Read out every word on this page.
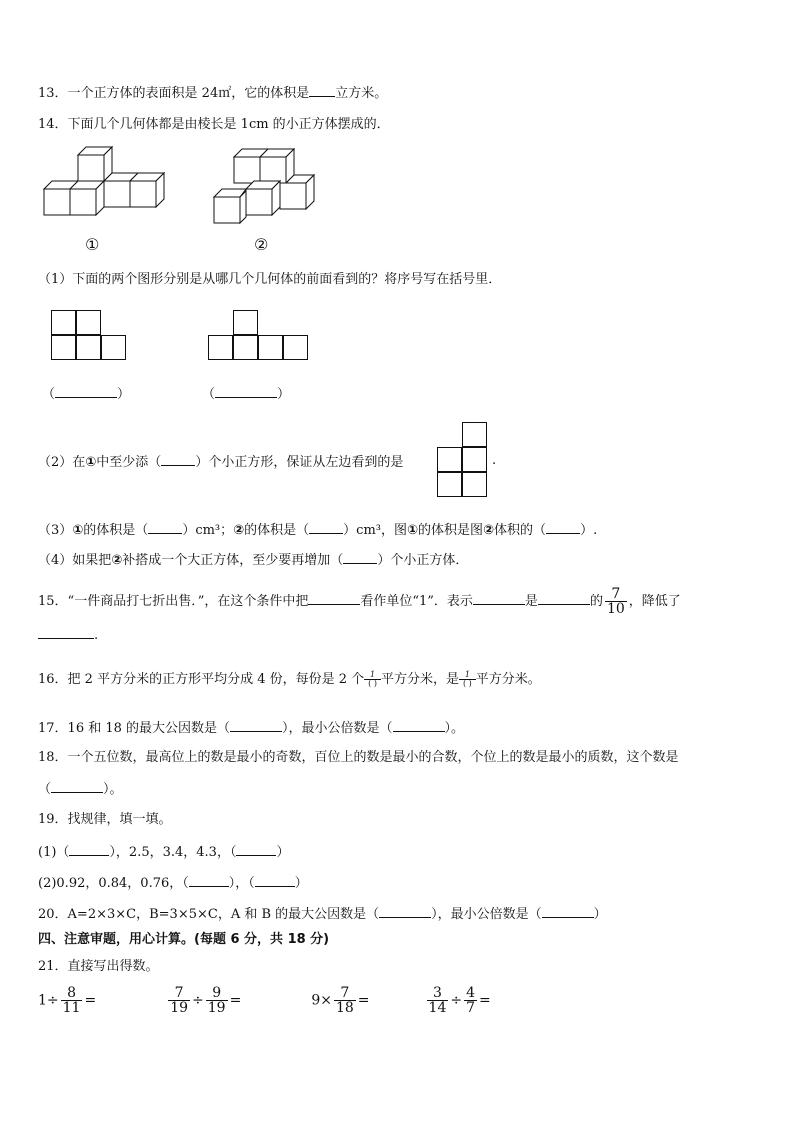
13．一个正方体的表面积是 24㎡，它的体积是 立方米。
14．下面几个几何体都是由棱长是 1cm 的小正方体摆成的．
①	②
（1）下面的两个图形分别是从哪几个几何体的前面看到的？将序号写在括号里．
（	）	（	）
（2）在①中至少添（	）个小正方形，保证从左边看到的是	.
（3）①的体积是（	）cm³；②的体积是（	）cm³，图①的体积是图②体积的（	）.
（4）如果把②补搭成一个大正方体，至少要再增加（	）个小正方体．
15．“一件商品打七折出售．”，在这个条件中把	看作单位“1”．表示	是	的 $\frac{7}{10}$ ，降低了
.
16．把 2 平方分米的正方形平均分成 4 份，每份是 2 个 $\frac{1}{( )}$ 平方分米，是 $\frac{1}{( )}$ 平方分米。
17．16 和 18 的最大公因数是（	），最小公倍数是（	）。
18．一个五位数，最高位上的数是最小的奇数，百位上的数是最小的合数，个位上的数是最小的质数，这个数是
（	）。
19．找规律，填一填。
(1)（	），2.5，3.4，4.3，（	）
(2)0.92，0.84，0.76，（	），（	）
20．A=2×3×C，B=3×5×C，A 和 B 的最大公因数是（	），最小公倍数是（	）
四、注意审题，用心计算。(每题 6 分，共 18 分)
21．直接写出得数。
$1\div \frac{8}{11}$ =	$\frac{7}{19} \div \frac{9}{19}$ =	$9\times \frac{7}{18}$ =	$\frac{3}{14} \div \frac{4}{7}$ =
